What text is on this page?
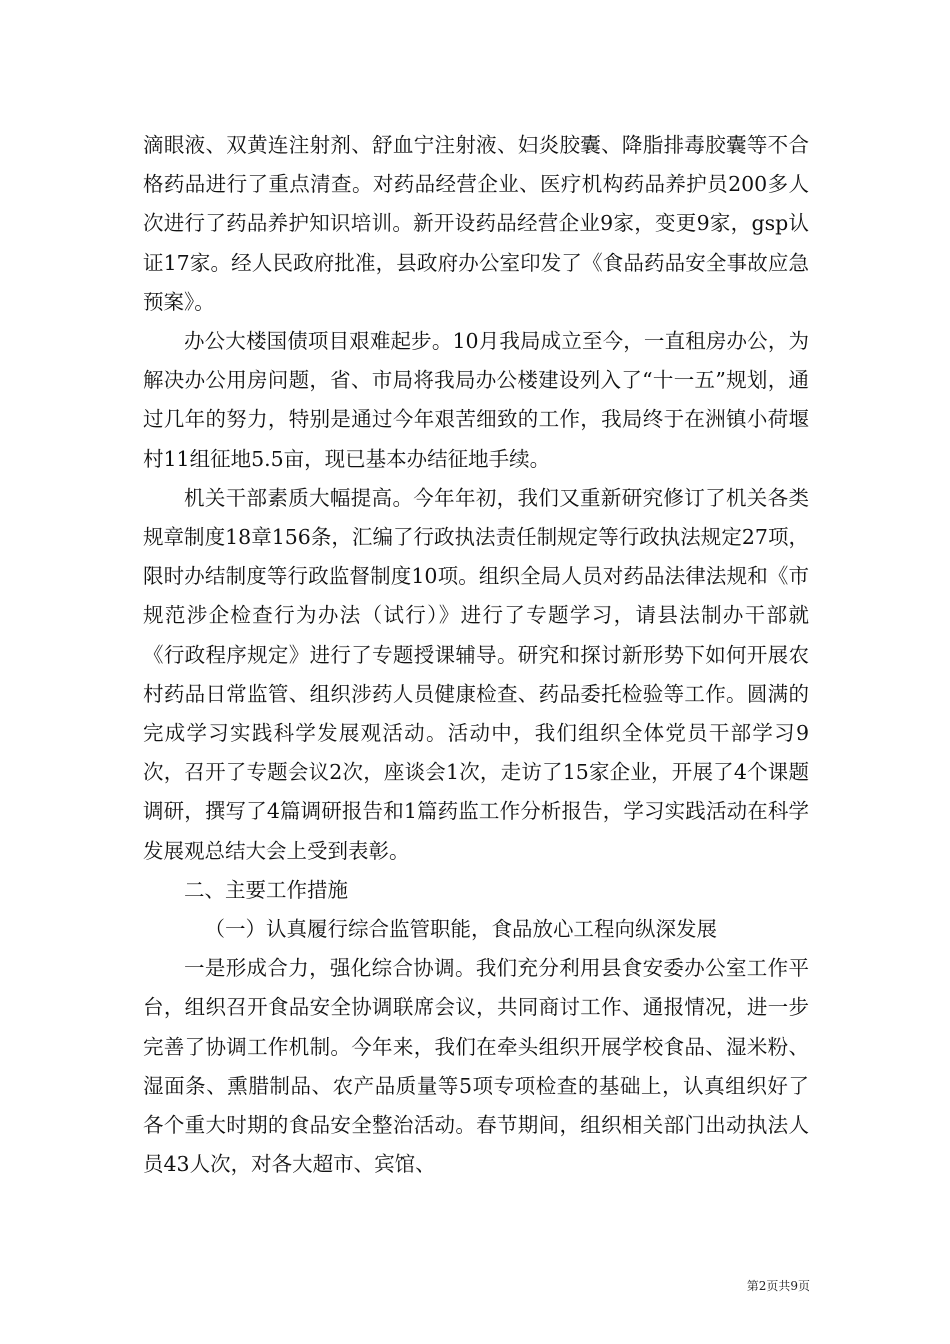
滴眼液、双黄连注射剂、舒血宁注射液、妇炎胶囊、降脂排毒胶囊等不合格药品进行了重点清查。对药品经营企业、医疗机构药品养护员200多人次进行了药品养护知识培训。新开设药品经营企业9家，变更9家，gsp认证17家。经人民政府批准，县政府办公室印发了《食品药品安全事故应急预案》。

办公大楼国债项目艰难起步。10月我局成立至今，一直租房办公，为解决办公用房问题，省、市局将我局办公楼建设列入了“十一五”规划，通过几年的努力，特别是通过今年艰苦细致的工作，我局终于在洲镇小荷堰村11组征地5.5亩，现已基本办结征地手续。

机关干部素质大幅提高。今年年初，我们又重新研究修订了机关各类规章制度18章156条，汇编了行政执法责任制规定等行政执法规定27项，限时办结制度等行政监督制度10项。组织全局人员对药品法律法规和《市规范涉企检查行为办法（试行）》进行了专题学习，请县法制办干部就《行政程序规定》进行了专题授课辅导。研究和探讨新形势下如何开展农村药品日常监管、组织涉药人员健康检查、药品委托检验等工作。圆满的完成学习实践科学发展观活动。活动中，我们组织全体党员干部学习9次，召开了专题会议2次，座谈会1次，走访了15家企业，开展了4个课题调研，撰写了4篇调研报告和1篇药监工作分析报告，学习实践活动在科学发展观总结大会上受到表彰。

二、主要工作措施

（一）认真履行综合监管职能，食品放心工程向纵深发展

一是形成合力，强化综合协调。我们充分利用县食安委办公室工作平台，组织召开食品安全协调联席会议，共同商讨工作、通报情况，进一步完善了协调工作机制。今年来，我们在牵头组织开展学校食品、湿米粉、湿面条、熏腊制品、农产品质量等5项专项检查的基础上，认真组织好了各个重大时期的食品安全整治活动。春节期间，组织相关部门出动执法人员43人次，对各大超市、宾馆、

第2页共9页
